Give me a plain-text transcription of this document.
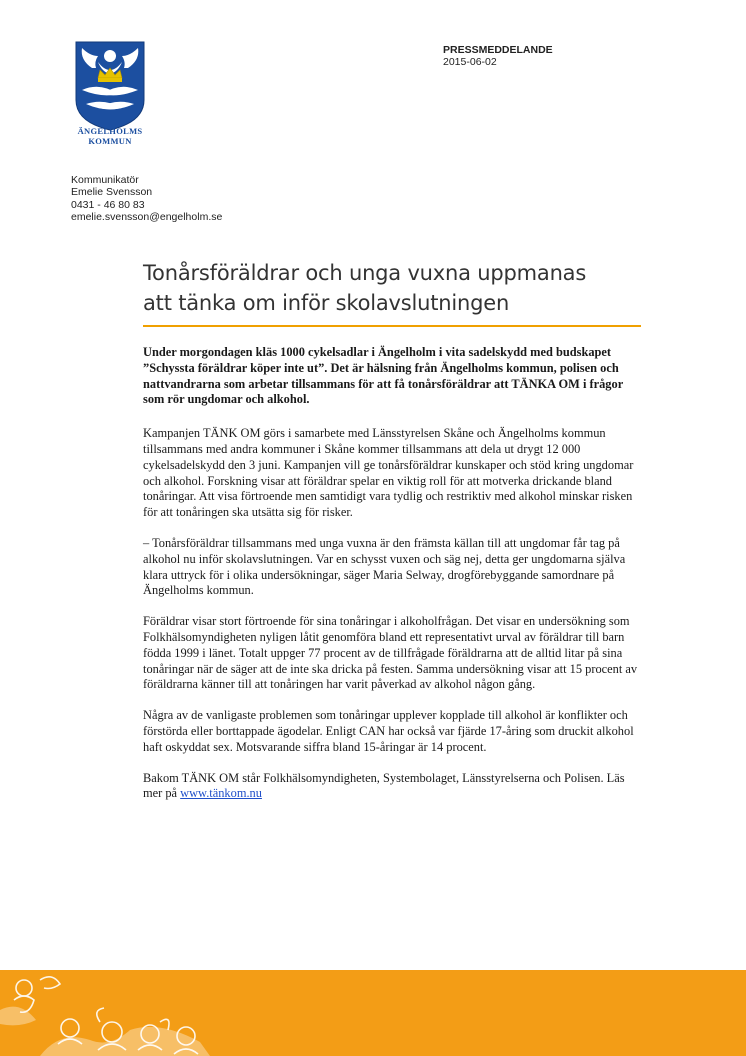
ÄNGELHOLMS
KOMMUN
PRESSMEDDELANDE
2015-06-02
Kommunikatör
Emelie Svensson
0431 - 46 80 83
emelie.svensson@engelholm.se
Tonårsföräldrar och unga vuxna uppmanas
att tänka om inför skolavslutningen

Under morgondagen kläs 1000 cykelsadlar i Ängelholm i vita sadelskydd med budskapet ”Schyssta föräldrar köper inte ut”. Det är hälsning från Ängelholms kommun, polisen och nattvandrarna som arbetar tillsammans för att få tonårsföräldrar att TÄNKA OM i frågor som rör ungdomar och alkohol.

Kampanjen TÄNK OM görs i samarbete med Länsstyrelsen Skåne och Ängelholms kommun tillsammans med andra kommuner i Skåne kommer tillsammans att dela ut drygt 12 000 cykelsadelskydd den 3 juni. Kampanjen vill ge tonårsföräldrar kunskaper och stöd kring ungdomar och alkohol. Forskning visar att föräldrar spelar en viktig roll för att motverka drickande bland tonåringar. Att visa förtroende men samtidigt vara tydlig och restriktiv med alkohol minskar risken för att tonåringen ska utsätta sig för risker.

– Tonårsföräldrar tillsammans med unga vuxna är den främsta källan till att ungdomar får tag på alkohol nu inför skolavslutningen. Var en schysst vuxen och säg nej, detta ger ungdomarna själva klara uttryck för i olika undersökningar, säger Maria Selway, drogförebyggande samordnare på Ängelholms kommun.

Föräldrar visar stort förtroende för sina tonåringar i alkoholfrågan. Det visar en undersökning som Folkhälsomyndigheten nyligen låtit genomföra bland ett representativt urval av föräldrar till barn födda 1999 i länet. Totalt uppger 77 procent av de tillfrågade föräldrarna att de alltid litar på sina tonåringar när de säger att de inte ska dricka på festen. Samma undersökning visar att 15 procent av föräldrarna känner till att tonåringen har varit påverkad av alkohol någon gång.

Några av de vanligaste problemen som tonåringar upplever kopplade till alkohol är konflikter och förstörda eller borttappade ägodelar. Enligt CAN har också var fjärde 17-åring som druckit alkohol haft oskyddat sex. Motsvarande siffra bland 15-åringar är 14 procent.

Bakom TÄNK OM står Folkhälsomyndigheten, Systembolaget, Länsstyrelserna och Polisen. Läs mer på www.tänkom.nu
